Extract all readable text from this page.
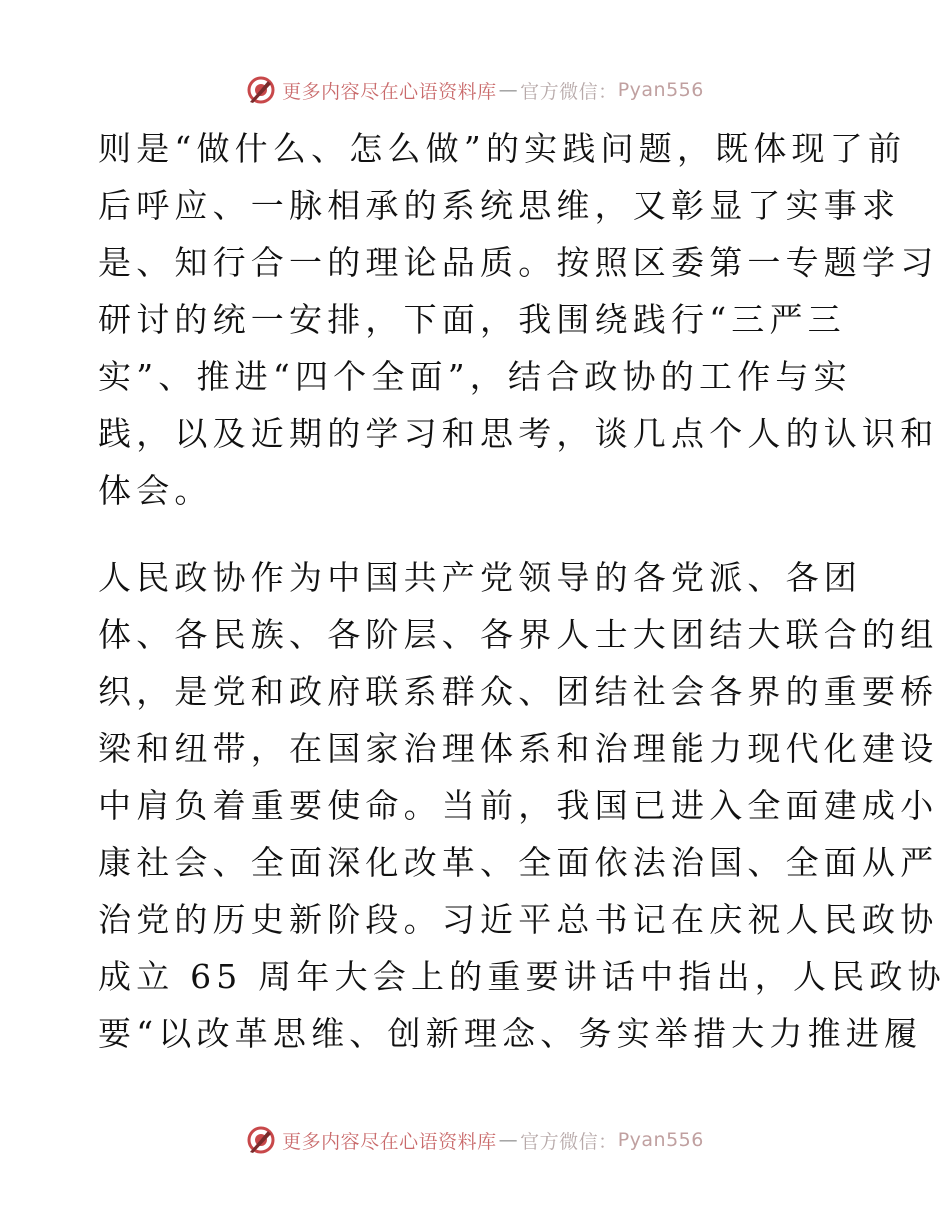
更多内容尽在心语资料库 — 官方微信： Pyan556
则是“做什么、怎么做”的实践问题，既体现了前
后呼应、一脉相承的系统思维，又彰显了实事求
是、知行合一的理论品质。按照区委第一专题学习
研讨的统一安排，下面，我围绕践行“三严三
实”、推进“四个全面”，结合政协的工作与实
践，以及近期的学习和思考，谈几点个人的认识和
体会。
人民政协作为中国共产党领导的各党派、各团
体、各民族、各阶层、各界人士大团结大联合的组
织，是党和政府联系群众、团结社会各界的重要桥
梁和纽带，在国家治理体系和治理能力现代化建设
中肩负着重要使命。当前，我国已进入全面建成小
康社会、全面深化改革、全面依法治国、全面从严
治党的历史新阶段。习近平总书记在庆祝人民政协
成立 65 周年大会上的重要讲话中指出，人民政协
要“以改革思维、创新理念、务实举措大力推进履
更多内容尽在心语资料库 — 官方微信： Pyan556
